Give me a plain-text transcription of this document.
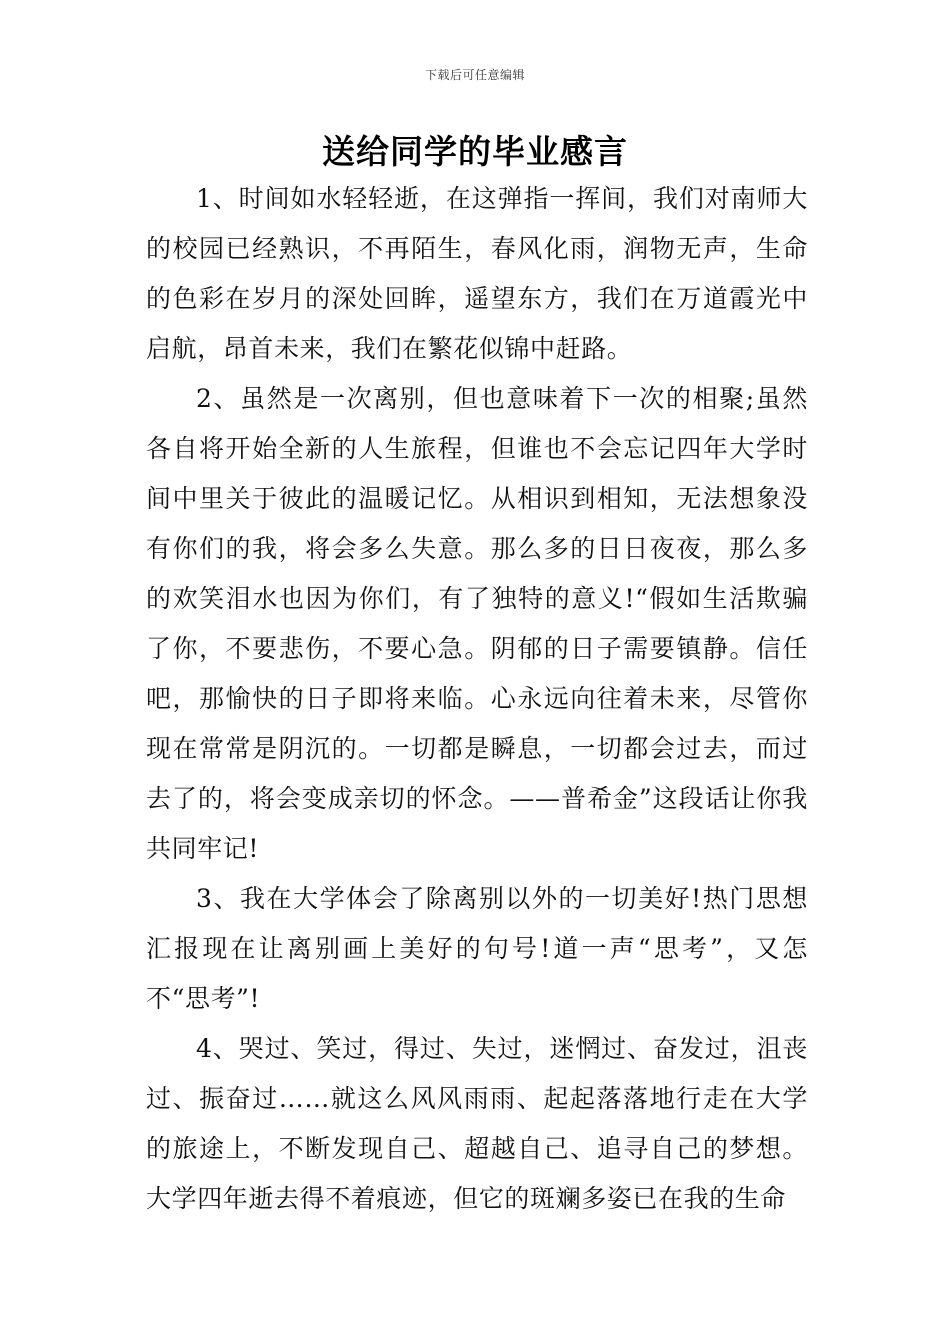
下载后可任意编辑
送给同学的毕业感言

1、时间如水轻轻逝，在这弹指一挥间，我们对南师大的校园已经熟识，不再陌生，春风化雨，润物无声，生命的色彩在岁月的深处回眸，遥望东方，我们在万道霞光中启航，昂首未来，我们在繁花似锦中赶路。

2、虽然是一次离别，但也意味着下一次的相聚;虽然各自将开始全新的人生旅程，但谁也不会忘记四年大学时间中里关于彼此的温暖记忆。从相识到相知，无法想象没有你们的我，将会多么失意。那么多的日日夜夜，那么多的欢笑泪水也因为你们，有了独特的意义!“假如生活欺骗了你，不要悲伤，不要心急。阴郁的日子需要镇静。信任吧，那愉快的日子即将来临。心永远向往着未来，尽管你现在常常是阴沉的。一切都是瞬息，一切都会过去，而过去了的，将会变成亲切的怀念。——普希金”这段话让你我共同牢记!

3、我在大学体会了除离别以外的一切美好!热门思想汇报现在让离别画上美好的句号!道一声“思考”，又怎不“思考”!

4、哭过、笑过，得过、失过，迷惘过、奋发过，沮丧过、振奋过……就这么风风雨雨、起起落落地行走在大学的旅途上，不断发现自己、超越自己、追寻自己的梦想。大学四年逝去得不着痕迹，但它的斑斓多姿已在我的生命
